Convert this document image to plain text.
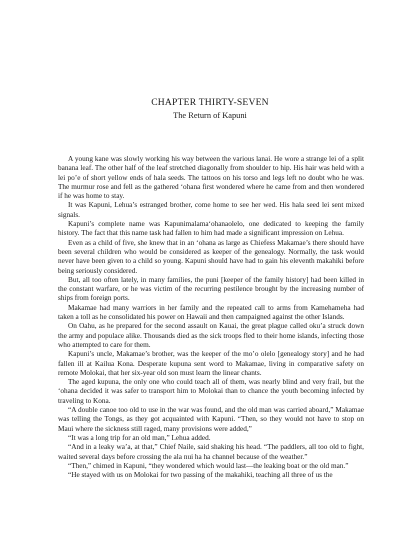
CHAPTER THIRTY-SEVEN
The Return of Kapuni

A young kane was slowly working his way between the various lanai. He wore a strange lei of a split banana leaf. The other half of the leaf stretched diagonally from shoulder to hip. His hair was held with a lei po’e of short yellow ends of hala seeds. The tattoos on his torso and legs left no doubt who he was. The murmur rose and fell as the gathered ‘ohana first wondered where he came from and then wondered if he was home to stay.

It was Kapuni, Lehua’s estranged brother, come home to see her wed. His hala seed lei sent mixed signals.

Kapuni’s complete name was Kapunimalama‘ohanaolelo, one dedicated to keeping the family history. The fact that this name task had fallen to him had made a significant impression on Lehua.

Even as a child of five, she knew that in an ‘ohana as large as Chiefess Makamae’s there should have been several children who would be considered as keeper of the genealogy. Normally, the task would never have been given to a child so young. Kapuni should have had to gain his eleventh makahiki before being seriously considered.

But, all too often lately, in many families, the puni [keeper of the family history] had been killed in the constant warfare, or he was victim of the recurring pestilence brought by the increasing number of ships from foreign ports.

Makamae had many warriors in her family and the repeated call to arms from Kamehameha had taken a toll as he consolidated his power on Hawaii and then campaigned against the other Islands.

On Oahu, as he prepared for the second assault on Kauai, the great plague called oku’a struck down the army and populace alike. Thousands died as the sick troops fled to their home islands, infecting those who attempted to care for them.

Kapuni’s uncle, Makamae’s brother, was the keeper of the mo’o olelo [genealogy story] and he had fallen ill at Kailua Kona. Desperate kupuna sent word to Makamae, living in comparative safety on remote Molokai, that her six-year old son must learn the linear chants.

The aged kupuna, the only one who could teach all of them, was nearly blind and very frail, but the ‘ohana decided it was safer to transport him to Molokai than to chance the youth becoming infected by traveling to Kona.

“A double canoe too old to use in the war was found, and the old man was carried aboard,” Makamae was telling the Tongs, as they got acquainted with Kapuni. “Then, so they would not have to stop on Maui where the sickness still raged, many provisions were added,”

“It was a long trip for an old man,” Lehua added.

“And in a leaky wa’a, at that,” Chief Naile, said shaking his head. “The paddlers, all too old to fight, waited several days before crossing the ala nui ha ha channel because of the weather.”

“Then,” chimed in Kapuni, “they wondered which would last—the leaking boat or the old man.”

“He stayed with us on Molokai for two passing of the makahiki, teaching all three of us the
